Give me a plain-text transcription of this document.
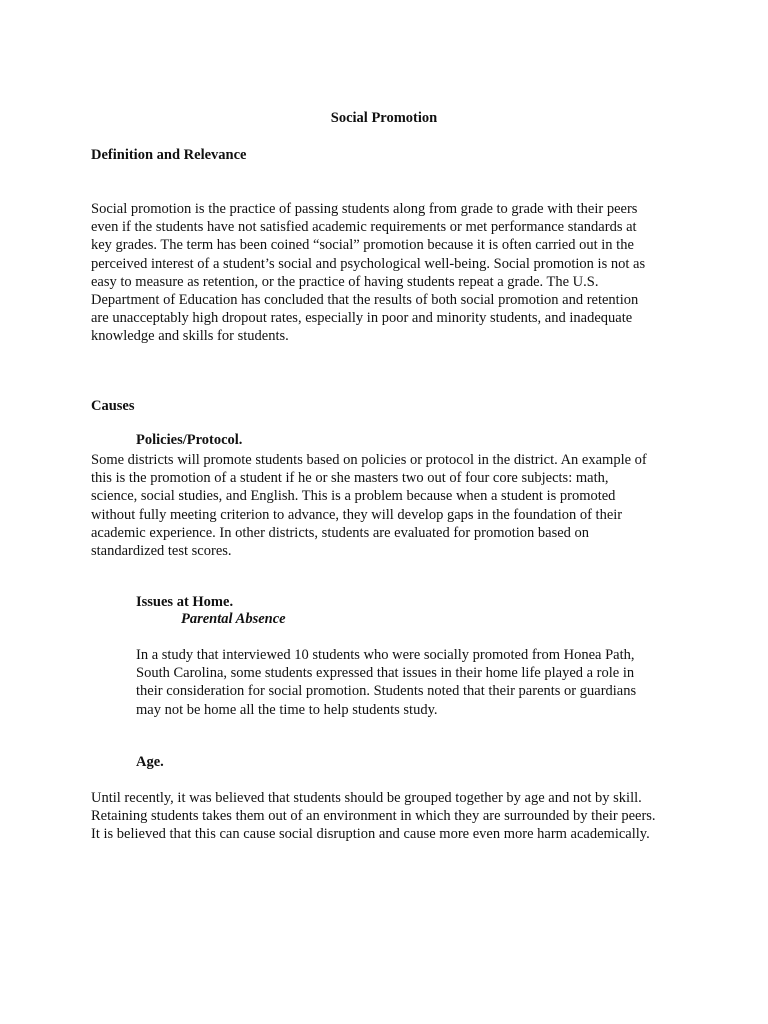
Social Promotion
Definition and Relevance
Social promotion is the practice of passing students along from grade to grade with their peers
even if the students have not satisfied academic requirements or met performance standards at
key grades. The term has been coined “social” promotion because it is often carried out in the
perceived interest of a student’s social and psychological well-being. Social promotion is not as
easy to measure as retention, or the practice of having students repeat a grade. The U.S.
Department of Education has concluded that the results of both social promotion and retention
are unacceptably high dropout rates, especially in poor and minority students, and inadequate
knowledge and skills for students.
Causes
Policies/Protocol.
Some districts will promote students based on policies or protocol in the district. An example of
this is the promotion of a student if he or she masters two out of four core subjects: math,
science, social studies, and English. This is a problem because when a student is promoted
without fully meeting criterion to advance, they will develop gaps in the foundation of their
academic experience. In other districts, students are evaluated for promotion based on
standardized test scores.
Issues at Home.
Parental Absence
In a study that interviewed 10 students who were socially promoted from Honea Path,
South Carolina, some students expressed that issues in their home life played a role in
their consideration for social promotion. Students noted that their parents or guardians
may not be home all the time to help students study.
Age.
Until recently, it was believed that students should be grouped together by age and not by skill.
Retaining students takes them out of an environment in which they are surrounded by their peers.
It is believed that this can cause social disruption and cause more even more harm academically.
